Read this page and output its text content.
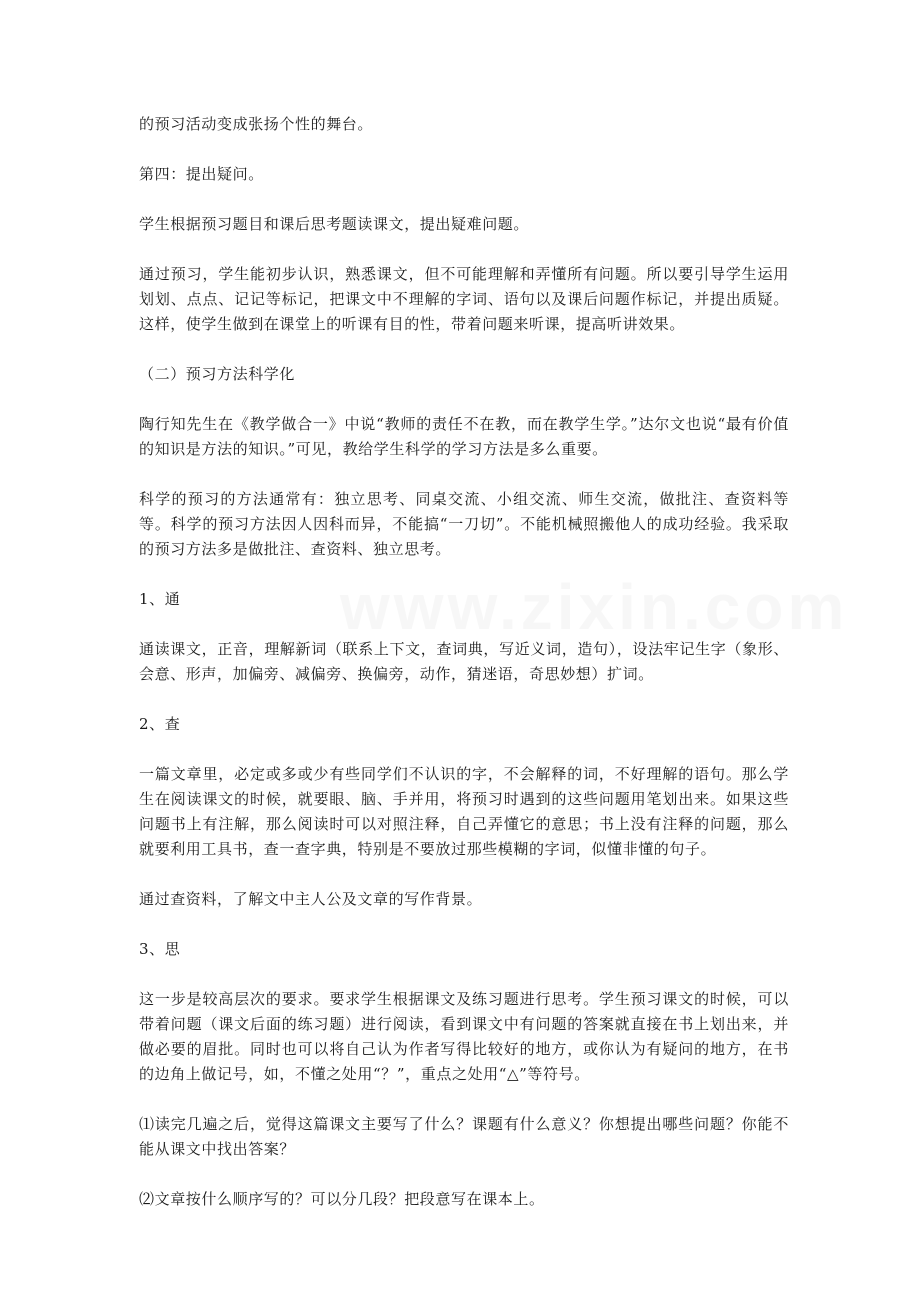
www.zixin.com

的预习活动变成张扬个性的舞台。

第四：提出疑问。

学生根据预习题目和课后思考题读课文，提出疑难问题。

通过预习，学生能初步认识，熟悉课文，但不可能理解和弄懂所有问题。所以要引导学生运用划划、点点、记记等标记，把课文中不理解的字词、语句以及课后问题作标记，并提出质疑。这样，使学生做到在课堂上的听课有目的性，带着问题来听课，提高听讲效果。

（二）预习方法科学化

陶行知先生在《教学做合一》中说“教师的责任不在教，而在教学生学。”达尔文也说“最有价值的知识是方法的知识。”可见，教给学生科学的学习方法是多么重要。

科学的预习的方法通常有：独立思考、同桌交流、小组交流、师生交流，做批注、查资料等等。科学的预习方法因人因科而异，不能搞“一刀切”。不能机械照搬他人的成功经验。我采取的预习方法多是做批注、查资料、独立思考。

1、通

通读课文，正音，理解新词（联系上下文，查词典，写近义词，造句），设法牢记生字（象形、会意、形声，加偏旁、减偏旁、换偏旁，动作，猜迷语，奇思妙想）扩词。

2、查

一篇文章里，必定或多或少有些同学们不认识的字，不会解释的词，不好理解的语句。那么学生在阅读课文的时候，就要眼、脑、手并用，将预习时遇到的这些问题用笔划出来。如果这些问题书上有注解，那么阅读时可以对照注释，自己弄懂它的意思；书上没有注释的问题，那么就要利用工具书，查一查字典，特别是不要放过那些模糊的字词，似懂非懂的句子。

通过查资料，了解文中主人公及文章的写作背景。

3、思

这一步是较高层次的要求。要求学生根据课文及练习题进行思考。学生预习课文的时候，可以带着问题（课文后面的练习题）进行阅读，看到课文中有问题的答案就直接在书上划出来，并做必要的眉批。同时也可以将自己认为作者写得比较好的地方，或你认为有疑问的地方，在书的边角上做记号，如，不懂之处用“？”，重点之处用“△”等符号。

⑴读完几遍之后，觉得这篇课文主要写了什么？课题有什么意义？你想提出哪些问题？你能不能从课文中找出答案？

⑵文章按什么顺序写的？可以分几段？把段意写在课本上。
